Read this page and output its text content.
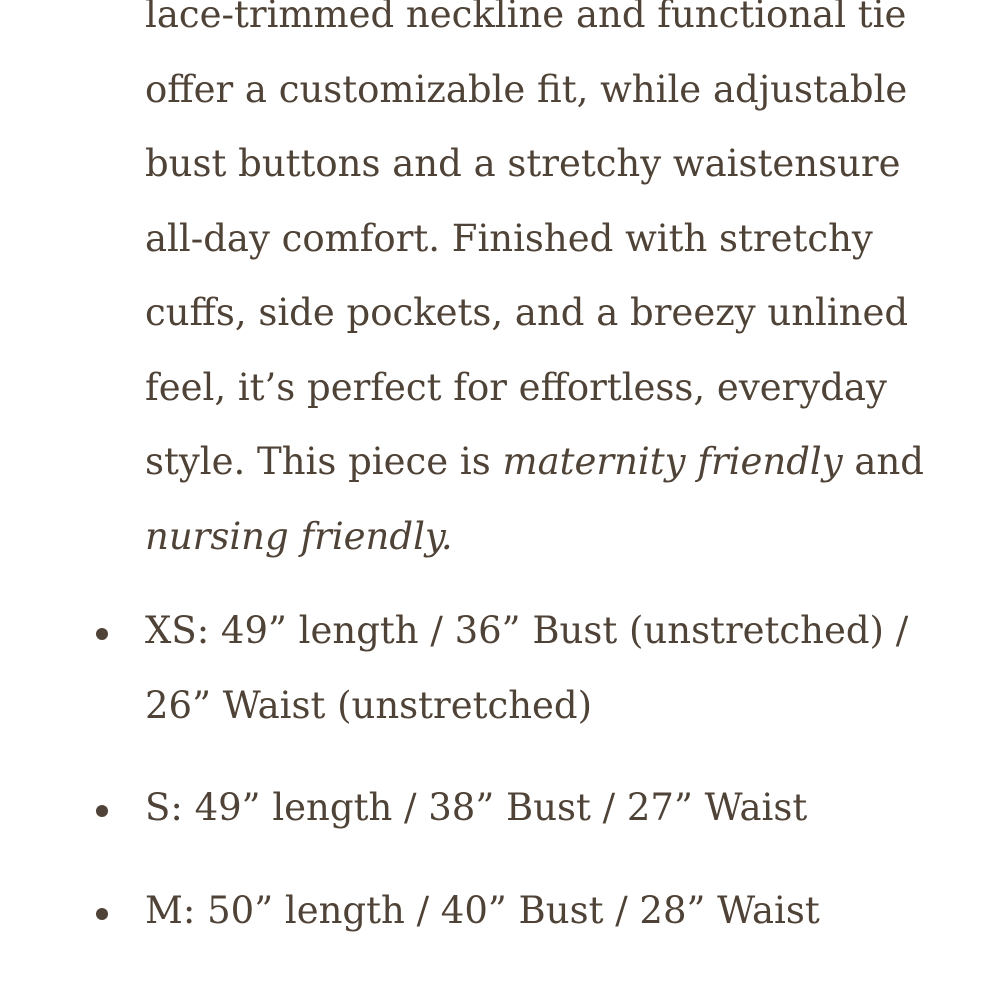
lace-trimmed neckline and functional tie
offer a customizable fit, while adjustable
bust buttons and a stretchy waistensure
all-day comfort. Finished with stretchy
cuffs, side pockets, and a breezy unlined
feel, it’s perfect for effortless, everyday
style. This piece is maternity friendly and
nursing friendly.

XS: 49” length / 36” Bust (unstretched) / 26” Waist (unstretched)
S: 49” length / 38” Bust / 27” Waist
M: 50” length / 40” Bust / 28” Waist
